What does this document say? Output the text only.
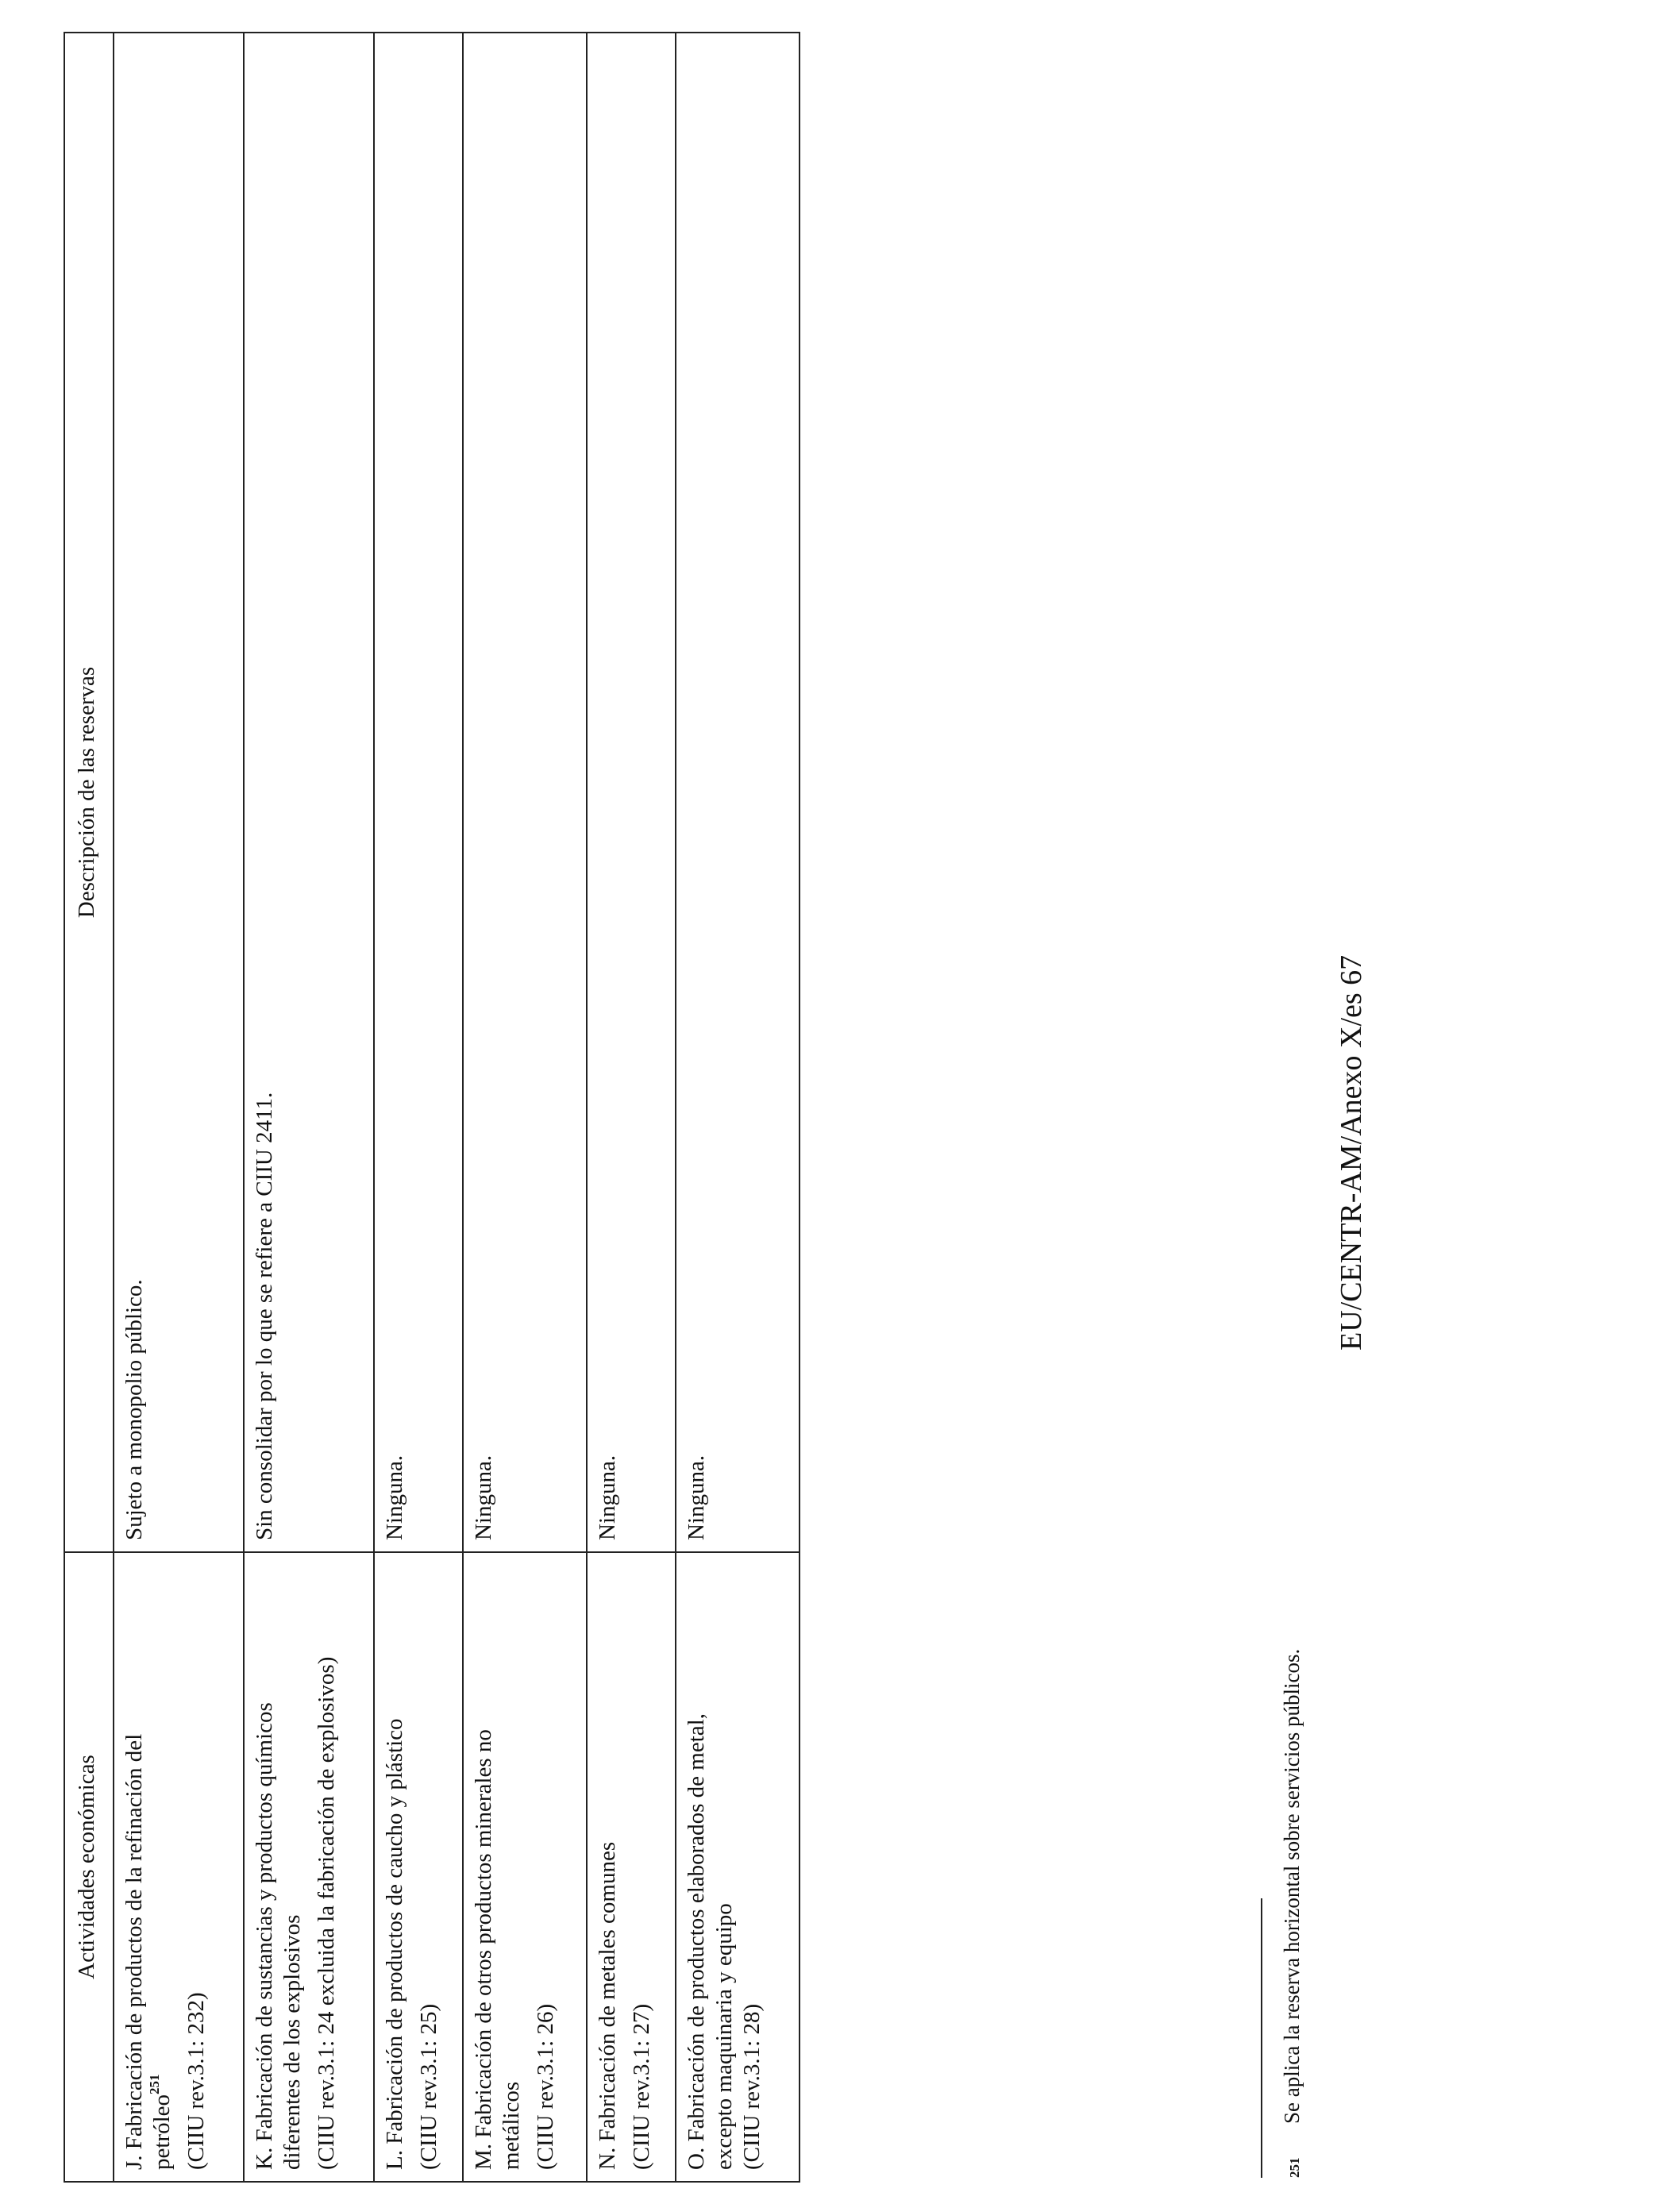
Actividades económicas	Descripción de las reservas

J. Fabricación de productos de la refinación del petróleo$^{251}$ (CIIU rev.3.1: 232)	Sujeto a monopolio público.

K. Fabricación de sustancias y productos químicos diferentes de los explosivos (CIIU rev.3.1: 24 excluida la fabricación de explosivos)	Sin consolidar por lo que se refiere a CIIU 2411.

L. Fabricación de productos de caucho y plástico (CIIU rev.3.1: 25)	Ninguna.

M. Fabricación de otros productos minerales no metálicos (CIIU rev.3.1: 26)	Ninguna.

N. Fabricación de metales comunes (CIIU rev.3.1: 27)	Ninguna.

O. Fabricación de productos elaborados de metal, excepto maquinaria y equipo (CIIU rev.3.1: 28)	Ninguna.
251Se aplica la reserva horizontal sobre servicios públicos.
EU/CENTR-AM/Anexo X/es 67
